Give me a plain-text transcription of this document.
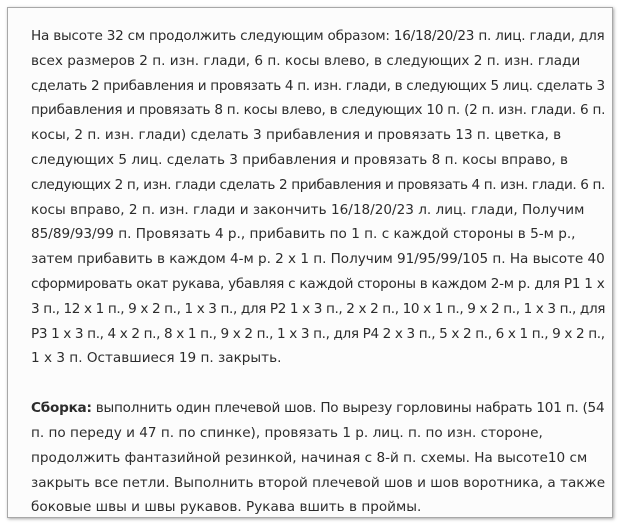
На высоте 32 см продолжить следующим образом: 16/18/20/23 п. лиц. глади, для
всех размеров 2 п. изн. глади, 6 п. косы влево, в следующих 2 п. изн. глади
сделать 2 прибавления и провязать 4 п. изн. глади, в следующих 5 лиц. сделать 3
прибавления и провязать 8 п. косы влево, в следующих 10 п. (2 п. изн. глади. 6 п.
косы, 2 п. изн. глади) сделать 3 прибавления и провязать 13 п. цветка, в
следующих 5 лиц. сделать 3 прибавления и провязать 8 п. косы вправо, в
следующих 2 п, изн. глади сделать 2 прибавления и провязать 4 п. изн. глади. 6 п.
косы вправо, 2 п. изн. глади и закончить 16/18/20/23 л. лиц. глади, Получим
85/89/93/99 п. Провязать 4 р., прибавить по 1 п. с каждой стороны в 5-м р.,
затем прибавить в каждом 4-м р. 2 х 1 п. Получим 91/95/99/105 п. На высоте 40
сформировать окат рукава, убавляя с каждой стороны в каждом 2-м р. для Р1 1 х
3 п., 12 х 1 п., 9 х 2 п., 1 х 3 п., для Р2 1 х 3 п., 2 х 2 п., 10 х 1 п., 9 х 2 п., 1 х 3 п., для
Р3 1 х 3 п., 4 х 2 п., 8 х 1 п., 9 х 2 п., 1 х 3 п., для Р4 2 х 3 п., 5 х 2 п., 6 х 1 п., 9 х 2 п.,
1 х 3 п. Оставшиеся 19 п. закрыть.
Сборка: выполнить один плечевой шов. По вырезу горловины набрать 101 п. (54
п. по переду и 47 п. по спинке), провязать 1 р. лиц. п. по изн. стороне,
продолжить фантазийной резинкой, начиная с 8-й п. схемы. На высоте10 см
закрыть все петли. Выполнить второй плечевой шов и шов воротника, а также
боковые швы и швы рукавов. Рукава вшить в проймы.
